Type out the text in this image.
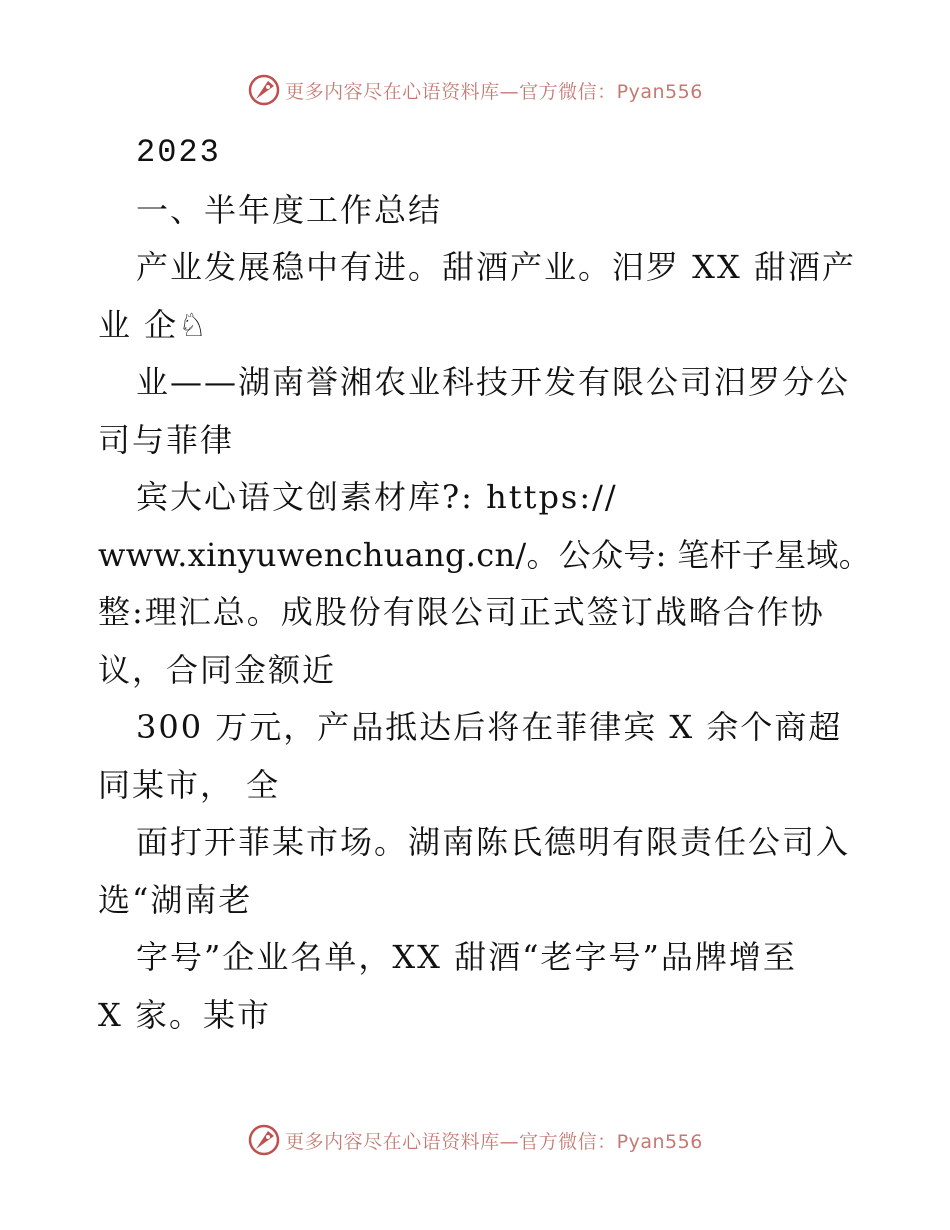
更多内容尽在心语资料库—官方微信：Pyan556
2023
一、半年度工作总结
产业发展稳中有进。甜酒产业。汨罗 XX 甜酒产
业 企♘
业——湖南誉湘农业科技开发有限公司汨罗分公
司与菲律
宾大心语文创素材库?: https://
www.xinyuwenchuang.cn/。公众号: 笔杆子星域。
整:理汇总。成股份有限公司正式签订战略合作协
议，合同金额近
300 万元，产品抵达后将在菲律宾 X 余个商超
同某市， 全
面打开菲某市场。湖南陈氏德明有限责任公司入
选“湖南老
字号”企业名单，XX 甜酒“老字号”品牌增至
X 家。某市
更多内容尽在心语资料库—官方微信：Pyan556
